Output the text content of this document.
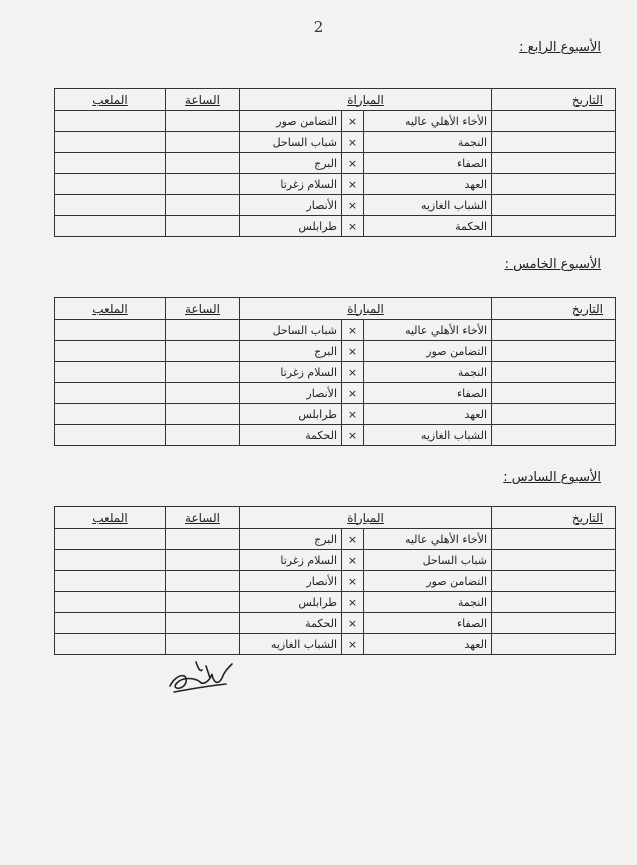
2
الأسبوع الرابع :
التاريخ	المباراة			الساعة	الملعب
	الأخاء الأهلي عاليه	×	التضامن صور		
	النجمة	×	شباب الساحل		
	الصفاء	×	البرج		
	العهد	×	السلام زغرتا		
	الشباب الغازيه	×	الأنصار		
	الحكمة	×	طرابلس		
الأسبوع الخامس :
التاريخ	المباراة			الساعة	الملعب
	الأخاء الأهلي عاليه	×	شباب الساحل		
	التضامن صور	×	البرج		
	النجمة	×	السلام زغرتا		
	الصفاء	×	الأنصار		
	العهد	×	طرابلس		
	الشباب الغازيه	×	الحكمة		
الأسبوع السادس :
التاريخ	المباراة			الساعة	الملعب
	الأخاء الأهلي عاليه	×	البرج		
	شباب الساحل	×	السلام زغرتا		
	التضامن صور	×	الأنصار		
	النجمة	×	طرابلس		
	الصفاء	×	الحكمة		
	العهد	×	الشباب الغازيه		
